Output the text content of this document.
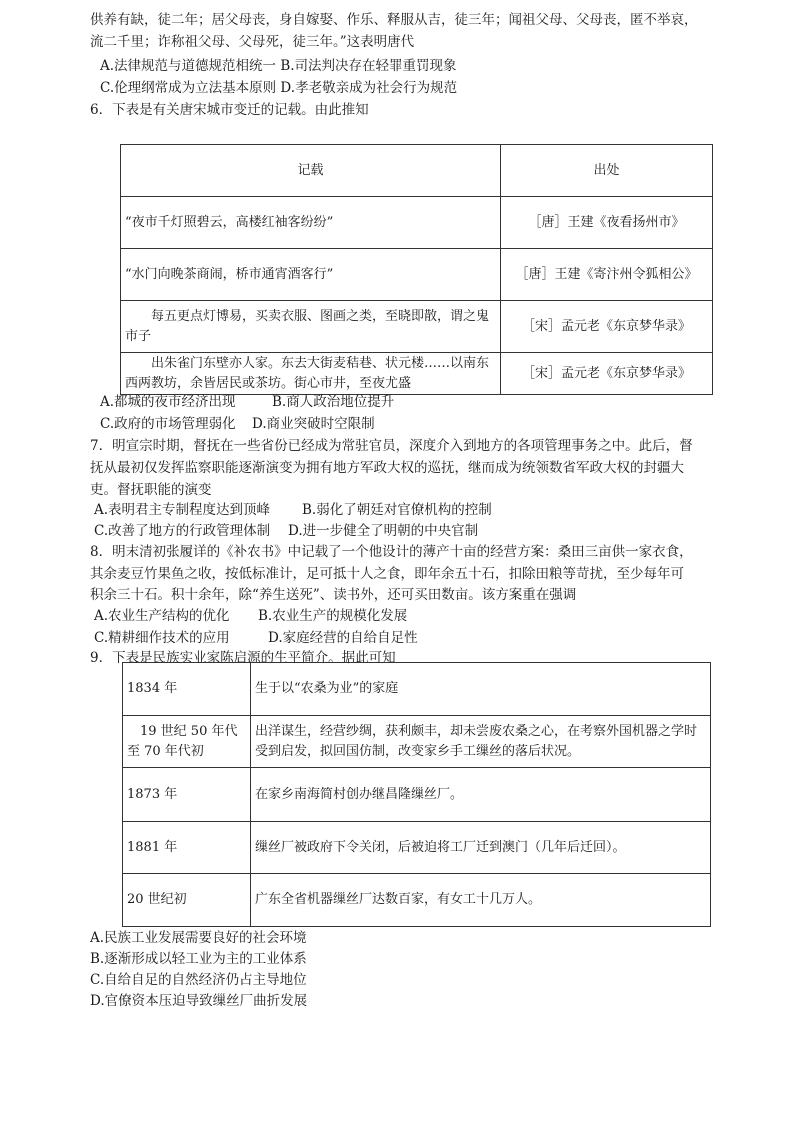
供养有缺，徒二年；居父母丧，身自嫁娶、作乐、释服从吉，徒三年；闻祖父母、父母丧，匿不举哀，
流二千里；诈称祖父母、父母死，徒三年。”这表明唐代
A.法律规范与道德规范相统一 B.司法判决存在轻罪重罚现象
C.伦理纲常成为立法基本原则 D.孝老敬亲成为社会行为规范
6．下表是有关唐宋城市变迁的记载。由此推知
记载	出处
“夜市千灯照碧云，高楼红袖客纷纷”	［唐］王建《夜看扬州市》
“水门向晚茶商闹，桥市通宵酒客行”	［唐］王建《寄汴州令狐相公》
每五更点灯博易，买卖衣服、图画之类，至晓即散，谓之鬼市子	［宋］孟元老《东京梦华录》
出朱雀门东壁亦人家。东去大街麦秸巷、状元楼……以南东西两教坊，余皆居民或茶坊。街心市井，至夜尤盛	［宋］孟元老《东京梦华录》
A.都城的夜市经济出现	B.商人政治地位提升
C.政府的市场管理弱化 D.商业突破时空限制
7．明宣宗时期，督抚在一些省份已经成为常驻官员，深度介入到地方的各项管理事务之中。此后，督
抚从最初仅发挥监察职能逐渐演变为拥有地方军政大权的巡抚，继而成为统领数省军政大权的封疆大
吏。督抚职能的演变
A.表明君主专制程度达到顶峰 B.弱化了朝廷对官僚机构的控制
C.改善了地方的行政管理体制 D.进一步健全了明朝的中央官制
8．明末清初张履详的《补农书》中记载了一个他设计的薄产十亩的经营方案：桑田三亩供一家衣食，
其余麦豆竹果鱼之收，按低标准计，足可抵十人之食，即年余五十石，扣除田粮等苛扰，至少每年可
积余三十石。积十余年，除“养生送死”、读书外，还可买田数亩。该方案重在强调
A.农业生产结构的优化 B.农业生产的规模化发展
C.精耕细作技术的应用	D.家庭经营的自给自足性
9．下表是民族实业家陈启源的生平简介。据此可知
1834 年	生于以“农桑为业”的家庭
19 世纪 50 年代至 70 年代初	出洋谋生，经营纱绸，获利颇丰，却未尝废农桑之心，在考察外国机器之学时受到启发，拟回国仿制，改变家乡手工缫丝的落后状况。
1873 年	在家乡南海简村创办继昌隆缫丝厂。
1881 年	缫丝厂被政府下令关闭，后被迫将工厂迁到澳门（几年后迁回）。
20 世纪初	广东全省机器缫丝厂达数百家，有女工十几万人。
A.民族工业发展需要良好的社会环境
B.逐渐形成以轻工业为主的工业体系
C.自给自足的自然经济仍占主导地位
D.官僚资本压迫导致缫丝厂曲折发展
